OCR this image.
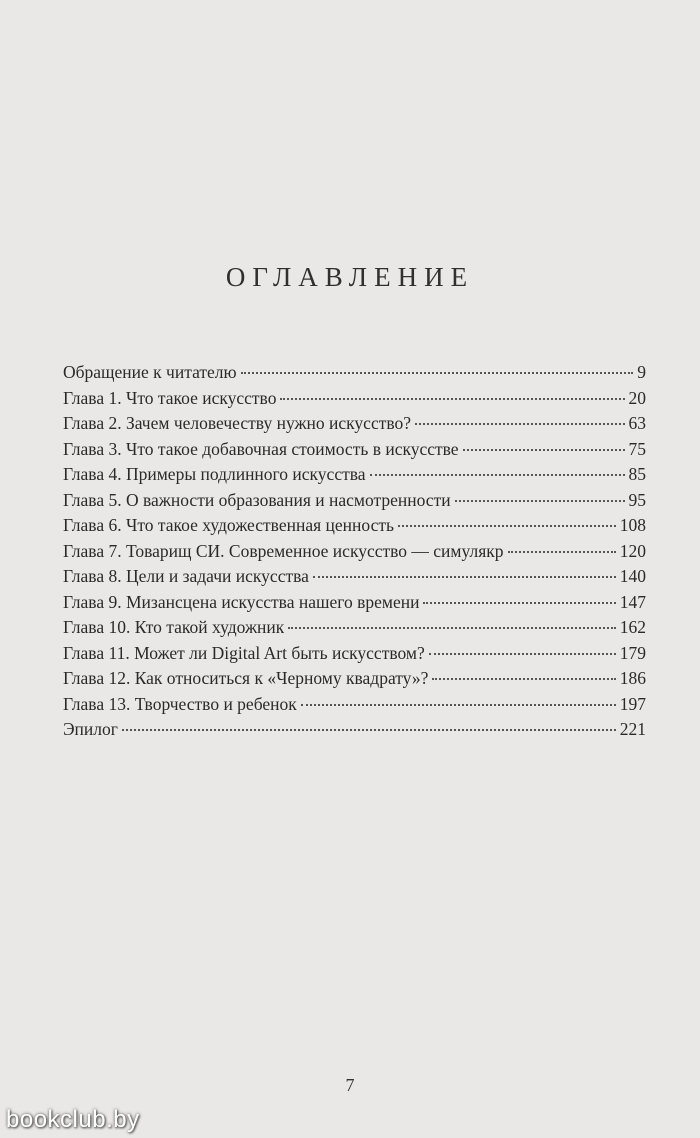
ОГЛАВЛЕНИЕ
Обращение к читателю	9
Глава 1. Что такое искусство	20
Глава 2. Зачем человечеству нужно искусство?	63
Глава 3. Что такое добавочная стоимость в искусстве	75
Глава 4. Примеры подлинного искусства	85
Глава 5. О важности образования и насмотренности	95
Глава 6. Что такое художественная ценность	108
Глава 7. Товарищ СИ. Современное искусство — симулякр	120
Глава 8. Цели и задачи искусства	140
Глава 9. Мизансцена искусства нашего времени	147
Глава 10. Кто такой художник	162
Глава 11. Может ли Digital Art быть искусством?	179
Глава 12. Как относиться к «Черному квадрату»?	186
Глава 13. Творчество и ребенок	197
Эпилог	221
7
bookclub.by
